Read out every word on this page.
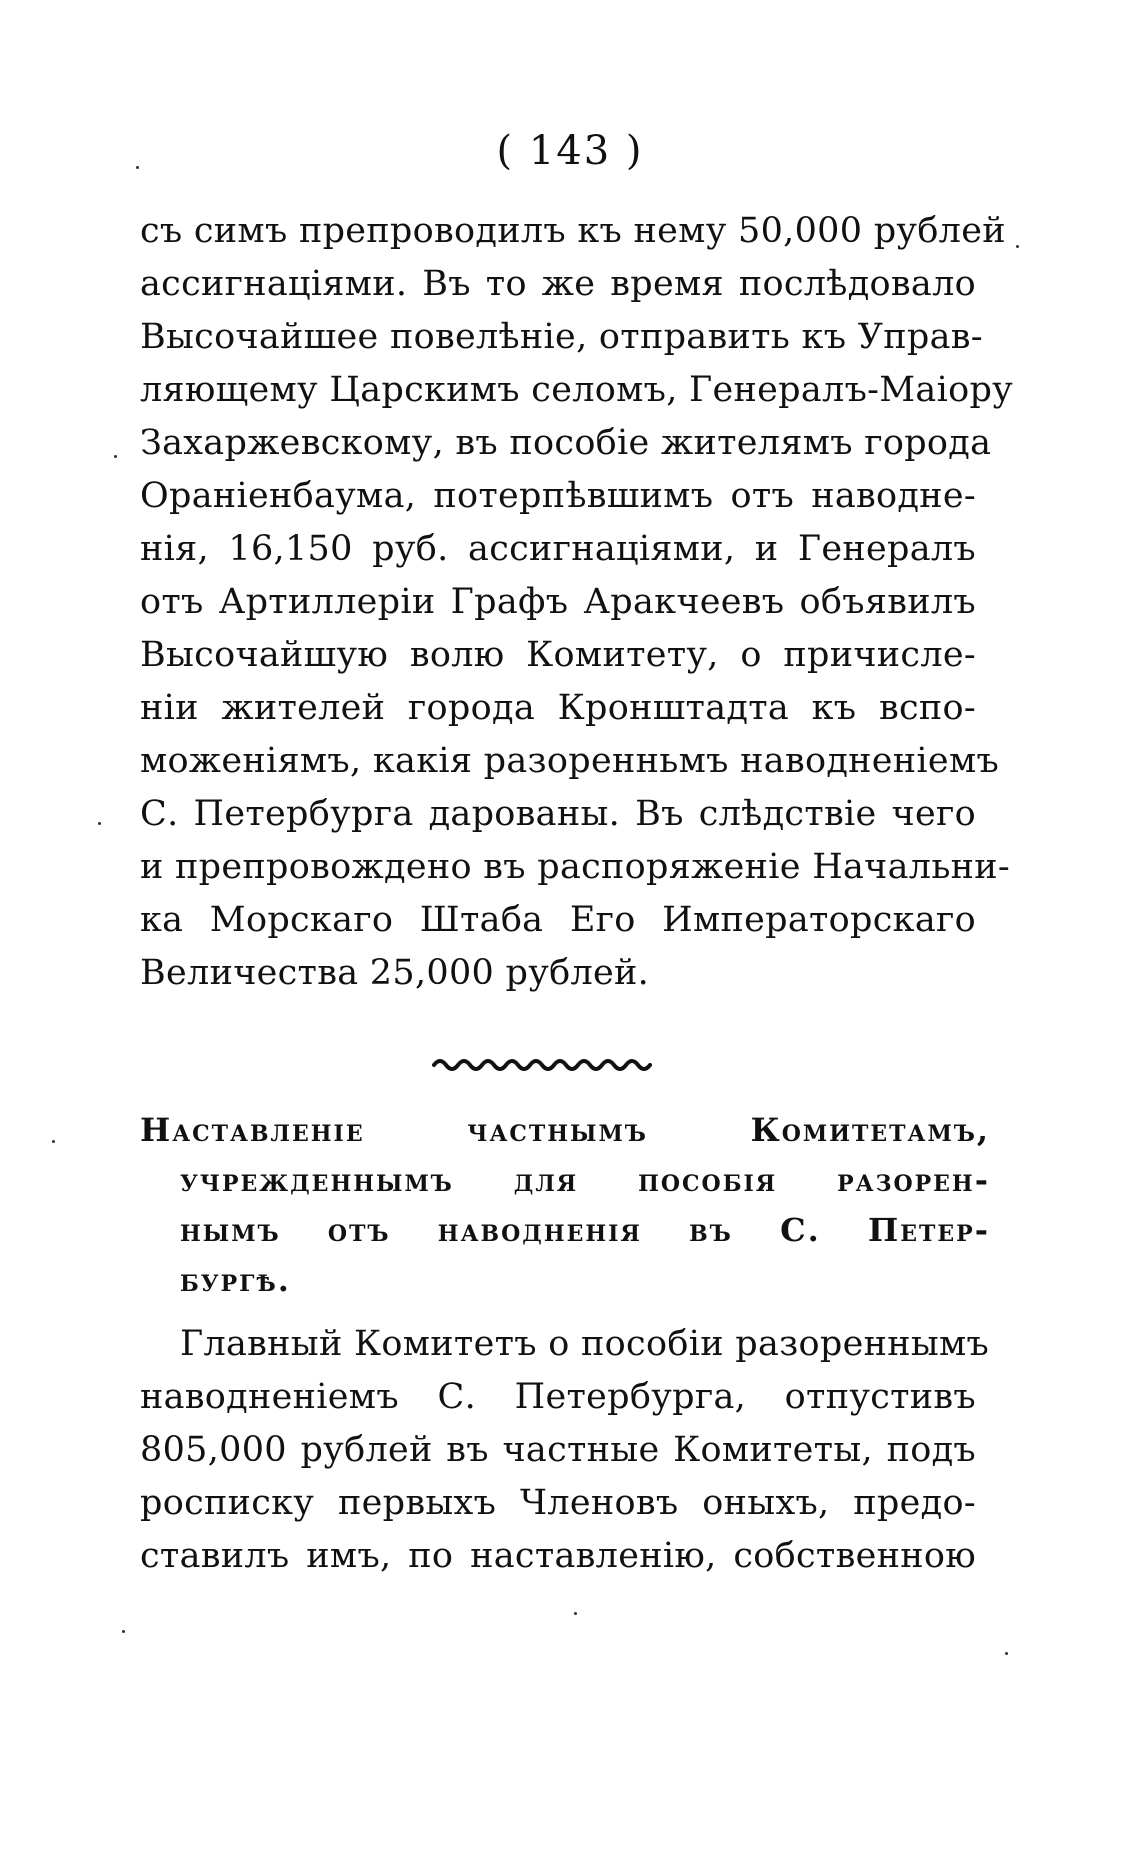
( 143 )
съ симъ препроводилъ къ нему 50,000 рублей
ассигнаціями. Въ то же время послѣдовало
Высочайшее повелѣніе, отправить къ Управ-
ляющему Царскимъ селомъ, Генералъ-Маіору
Захаржевскому, въ пособіе жителямъ города
Ораніенбаума, потерпѣвшимъ отъ наводне-
нія, 16,150 руб. ассигнаціями, и Генералъ
отъ Артиллеріи Графъ Аракчеевъ объявилъ
Высочайшую волю Комитету, о причисле-
ніи жителей города Кронштадта къ вспо-
моженіямъ, какія разоренньмъ наводненіемъ
С. Петербурга дарованы. Въ слѣдствіе чего
и препровождено въ распоряженіе Начальни-
ка Морскаго Штаба Его Императорскаго
Величества 25,000 рублей.
Наставленіе частнымъ Комитетамъ,
учрежденнымъ для пособія разорен-
нымъ отъ наводненія въ С. Петер-
бургѣ.
Главный Комитетъ о пособіи разореннымъ
наводненіемъ С. Петербурга, отпустивъ
805,000 рублей въ частные Комитеты, подъ
росписку первыхъ Членовъ оныхъ, предо-
ставилъ имъ, по наставленію, собственною
